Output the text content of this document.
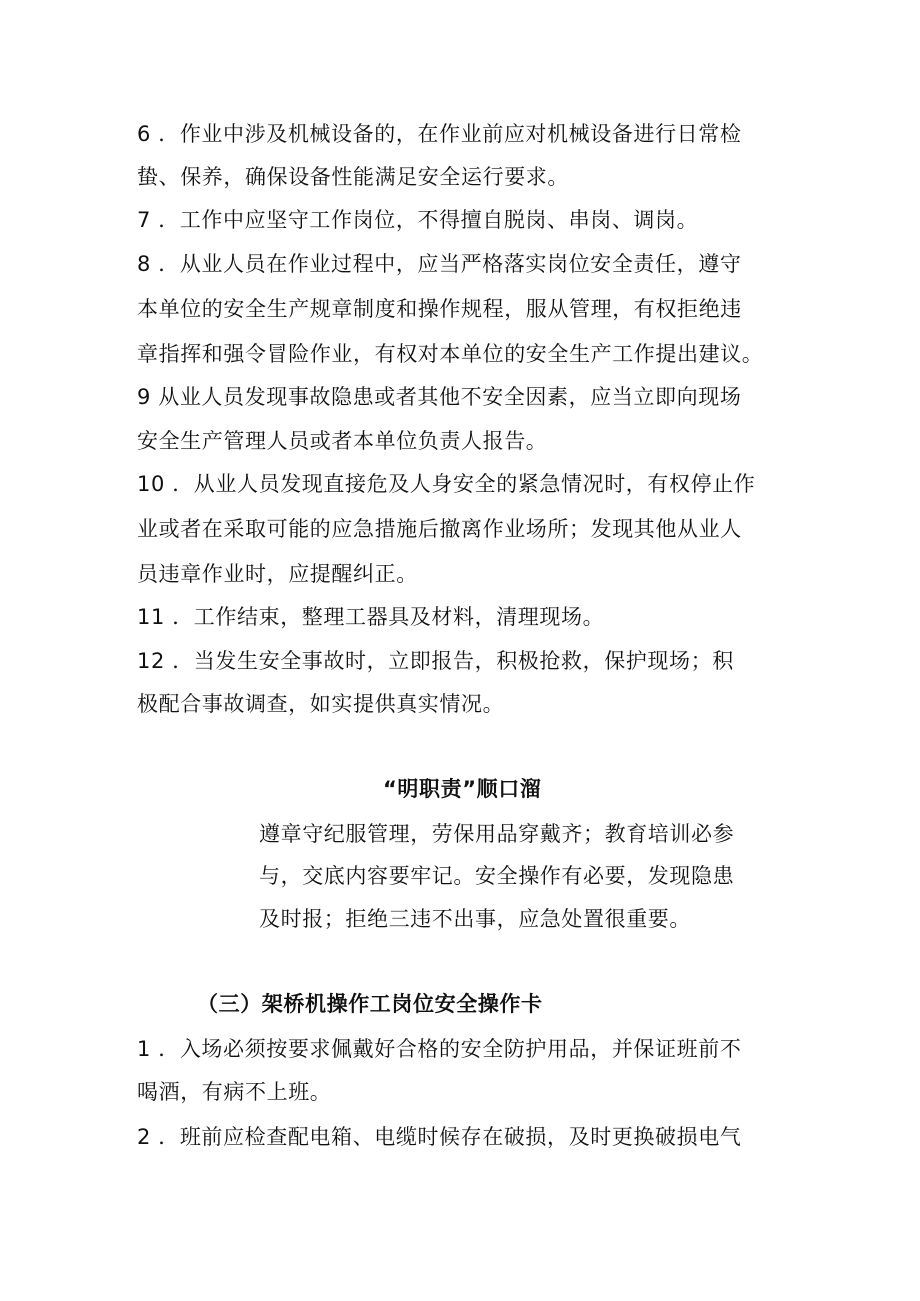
6 ．作业中涉及机械设备的，在作业前应对机械设备进行日常检
蛰、保养，确保设备性能满足安全运行要求。
7 ．工作中应坚守工作岗位，不得擅自脱岗、串岗、调岗。
8 ．从业人员在作业过程中，应当严格落实岗位安全责任，遵守
本单位的安全生产规章制度和操作规程，服从管理，有权拒绝违
章指挥和强令冒险作业，有权对本单位的安全生产工作提出建议。
9 从业人员发现事故隐患或者其他不安全因素，应当立即向现场
安全生产管理人员或者本单位负责人报告。
10 ．从业人员发现直接危及人身安全的紧急情况时，有权停止作
业或者在采取可能的应急措施后撤离作业场所；发现其他从业人
员违章作业时，应提醒纠正。
11 ．工作结束，整理工器具及材料，清理现场。
12 ．当发生安全事故时，立即报告，积极抢救，保护现场；积
极配合事故调查，如实提供真实情况。
“明职责”顺口溜
遵章守纪服管理，劳保用品穿戴齐；教育培训必参
与，交底内容要牢记。安全操作有必要，发现隐患
及时报；拒绝三违不出事，应急处置很重要。
（三）架桥机操作工岗位安全操作卡
1 ．入场必须按要求佩戴好合格的安全防护用品，并保证班前不
喝酒，有病不上班。
2 ．班前应检查配电箱、电缆时候存在破损，及时更换破损电气
